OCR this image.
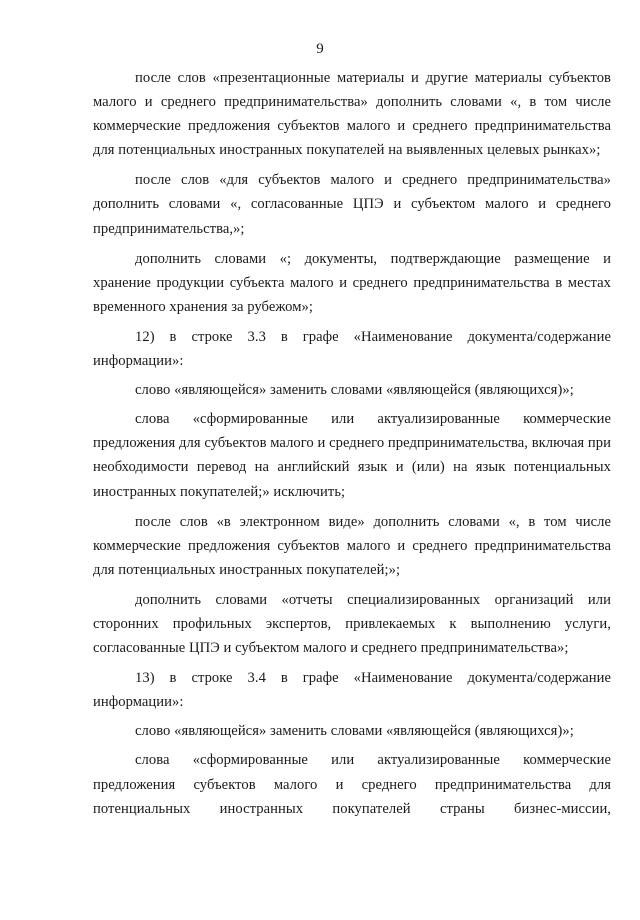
9

после слов «презентационные материалы и другие материалы субъектов малого и среднего предпринимательства» дополнить словами «, в том числе коммерческие предложения субъектов малого и среднего предпринимательства для потенциальных иностранных покупателей на выявленных целевых рынках»;

после слов «для субъектов малого и среднего предпринимательства» дополнить словами «, согласованные ЦПЭ и субъектом малого и среднего предпринимательства,»;

дополнить словами «; документы, подтверждающие размещение и хранение продукции субъекта малого и среднего предпринимательства в местах временного хранения за рубежом»;

12) в строке 3.3 в графе «Наименование документа/содержание информации»:

слово «являющейся» заменить словами «являющейся (являющихся)»;

слова «сформированные или актуализированные коммерческие предложения для субъектов малого и среднего предпринимательства, включая при необходимости перевод на английский язык и (или) на язык потенциальных иностранных покупателей;» исключить;

после слов «в электронном виде» дополнить словами «, в том числе коммерческие предложения субъектов малого и среднего предпринимательства для потенциальных иностранных покупателей;»;

дополнить словами «отчеты специализированных организаций или сторонних профильных экспертов, привлекаемых к выполнению услуги, согласованные ЦПЭ и субъектом малого и среднего предпринимательства»;

13) в строке 3.4 в графе «Наименование документа/содержание информации»:

слово «являющейся» заменить словами «являющейся (являющихся)»;

слова «сформированные или актуализированные коммерческие предложения субъектов малого и среднего предпринимательства для потенциальных иностранных покупателей страны бизнес-миссии,
